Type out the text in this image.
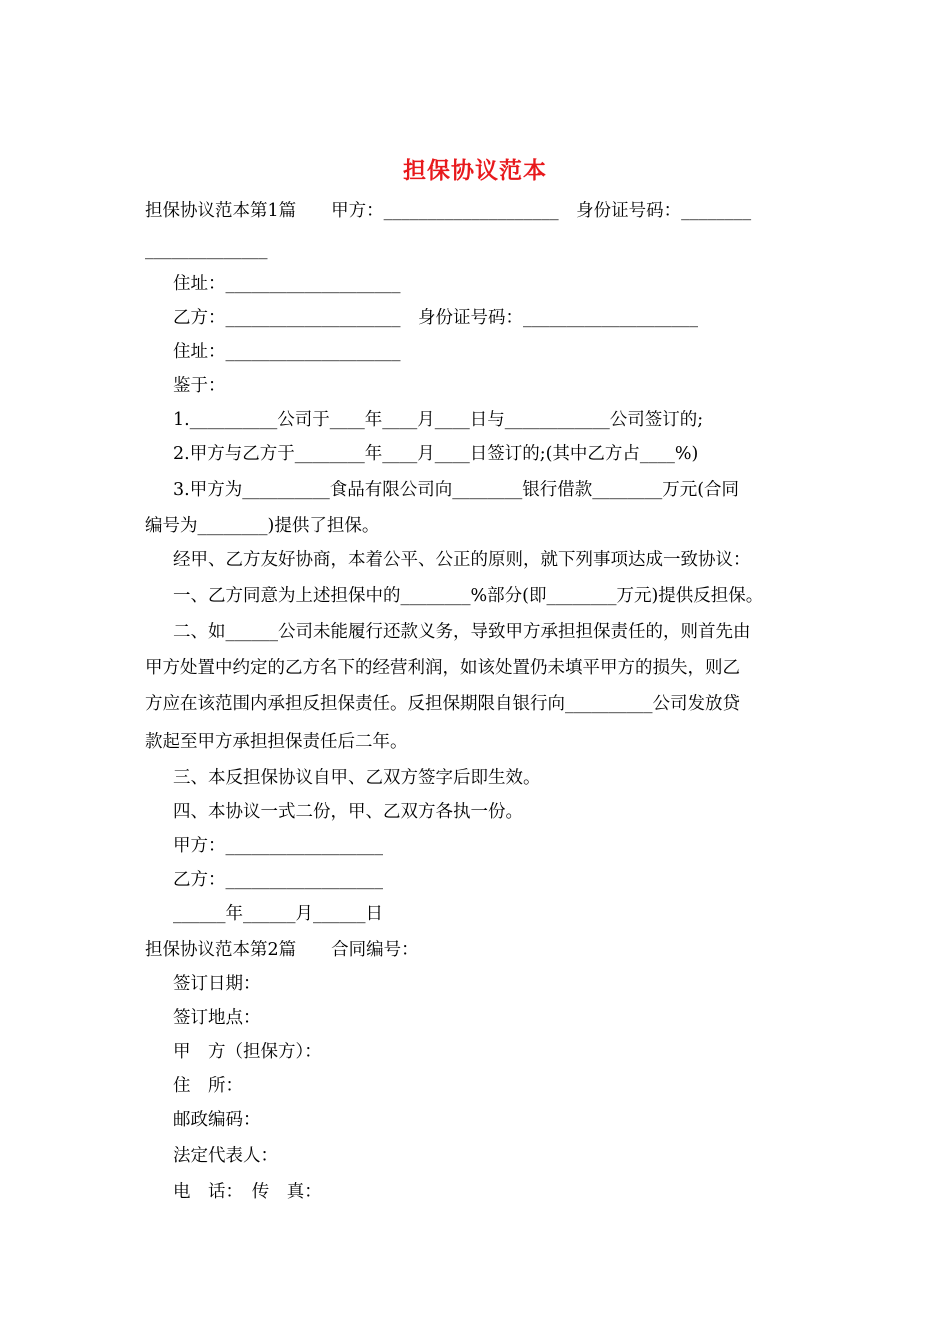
担保协议范本
担保协议范本第1篇　　甲方：____________________　身份证号码：________
______________
住址：____________________
乙方：____________________　身份证号码：____________________
住址：____________________
鉴于：
1.__________公司于____年____月____日与____________公司签订的;
2.甲方与乙方于________年____月____日签订的;(其中乙方占____%)
3.甲方为__________食品有限公司向________银行借款________万元(合同
编号为________)提供了担保。
经甲、乙方友好协商，本着公平、公正的原则，就下列事项达成一致协议：
一、乙方同意为上述担保中的________%部分(即________万元)提供反担保。
二、如______公司未能履行还款义务，导致甲方承担担保责任的，则首先由
甲方处置中约定的乙方名下的经营利润，如该处置仍未填平甲方的损失，则乙
方应在该范围内承担反担保责任。反担保期限自银行向__________公司发放贷
款起至甲方承担担保责任后二年。
三、本反担保协议自甲、乙双方签字后即生效。
四、本协议一式二份，甲、乙双方各执一份。
甲方：__________________
乙方：__________________
______年______月______日
担保协议范本第2篇　　合同编号：
签订日期：
签订地点：
甲　方（担保方）：
住　所：
邮政编码：
法定代表人：
电　话：　传　真：
